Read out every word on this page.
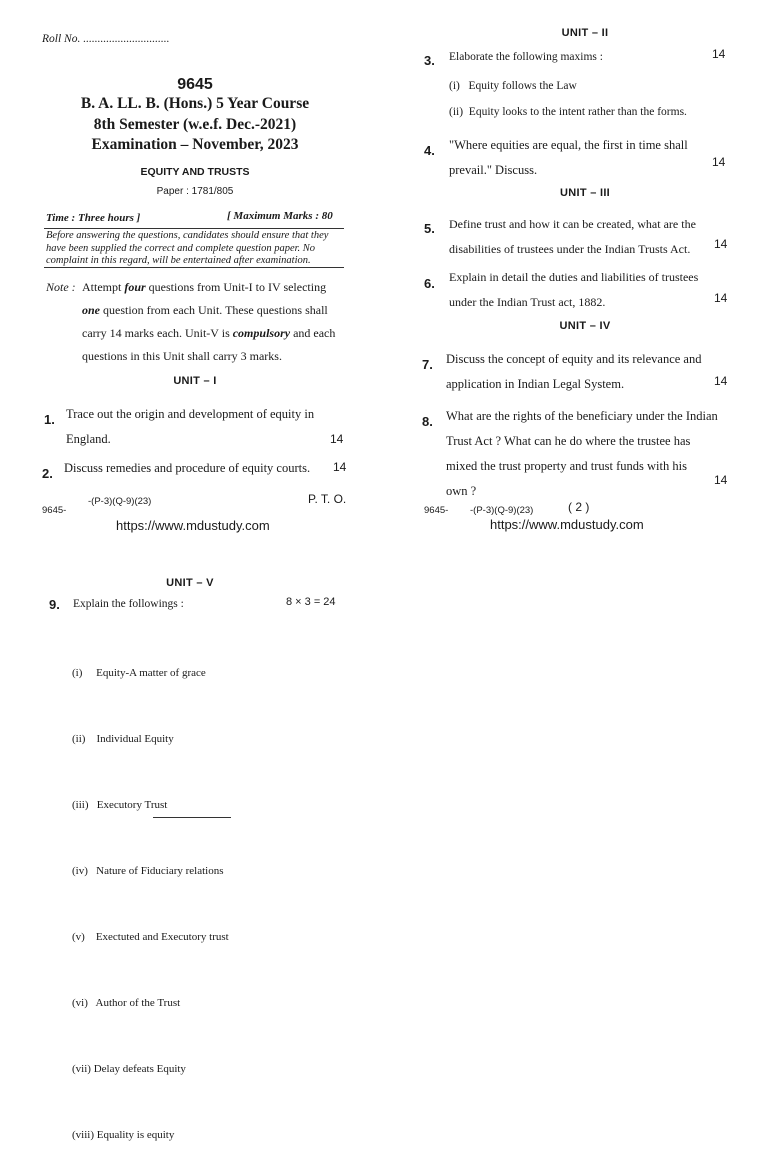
Roll No. ..............................
9645
B. A. LL. B. (Hons.) 5 Year Course
8th Semester (w.e.f. Dec.-2021)
Examination – November, 2023
EQUITY AND TRUSTS
Paper : 1781/805
Time : Three hours ]	[ Maximum Marks : 80
Before answering the questions, candidates should ensure that they have been supplied the correct and complete question paper. No complaint in this regard, will be entertained after examination.
Note : Attempt four questions from Unit-I to IV selecting
one question from each Unit. These questions shall
carry 14 marks each. Unit-V is compulsory and each
questions in this Unit shall carry 3 marks.
UNIT – I
1. Trace out the origin and development of equity in
England.	14
2. Discuss remedies and procedure of equity courts.	14
9645-
-(P-3)(Q-9)(23)	P. T. O.
https://www.mdustudy.com
UNIT – II
3. Elaborate the following maxims :	14
(i)   Equity follows the Law
(ii)  Equity looks to the intent rather than the forms.
4. "Where equities are equal, the first in time shall
prevail." Discuss.
14
UNIT – III
5. Define trust and how it can be created, what are the
disabilities of trustees under the Indian Trusts Act.	14
6. Explain in detail the duties and liabilities of trustees
under the Indian Trust act, 1882.	14
UNIT – IV
7. Discuss the concept of equity and its relevance and
application in Indian Legal System.	14
8. What are the rights of the beneficiary under the Indian
Trust Act ? What can he do where the trustee has
mixed the trust property and trust funds with his
own ?
14
9645- -(P-3)(Q-9)(23)	( 2 )
https://www.mdustudy.com
UNIT – V
9. Explain the followings :	8 × 3 = 24

(i)     Equity-A matter of grace

(ii)    Individual Equity

(iii)   Executory Trust

(iv)   Nature of Fiduciary relations

(v)    Exectuted and Executory trust

(vi)   Author of the Trust

(vii) Delay defeats Equity

(viii) Equality is equity
